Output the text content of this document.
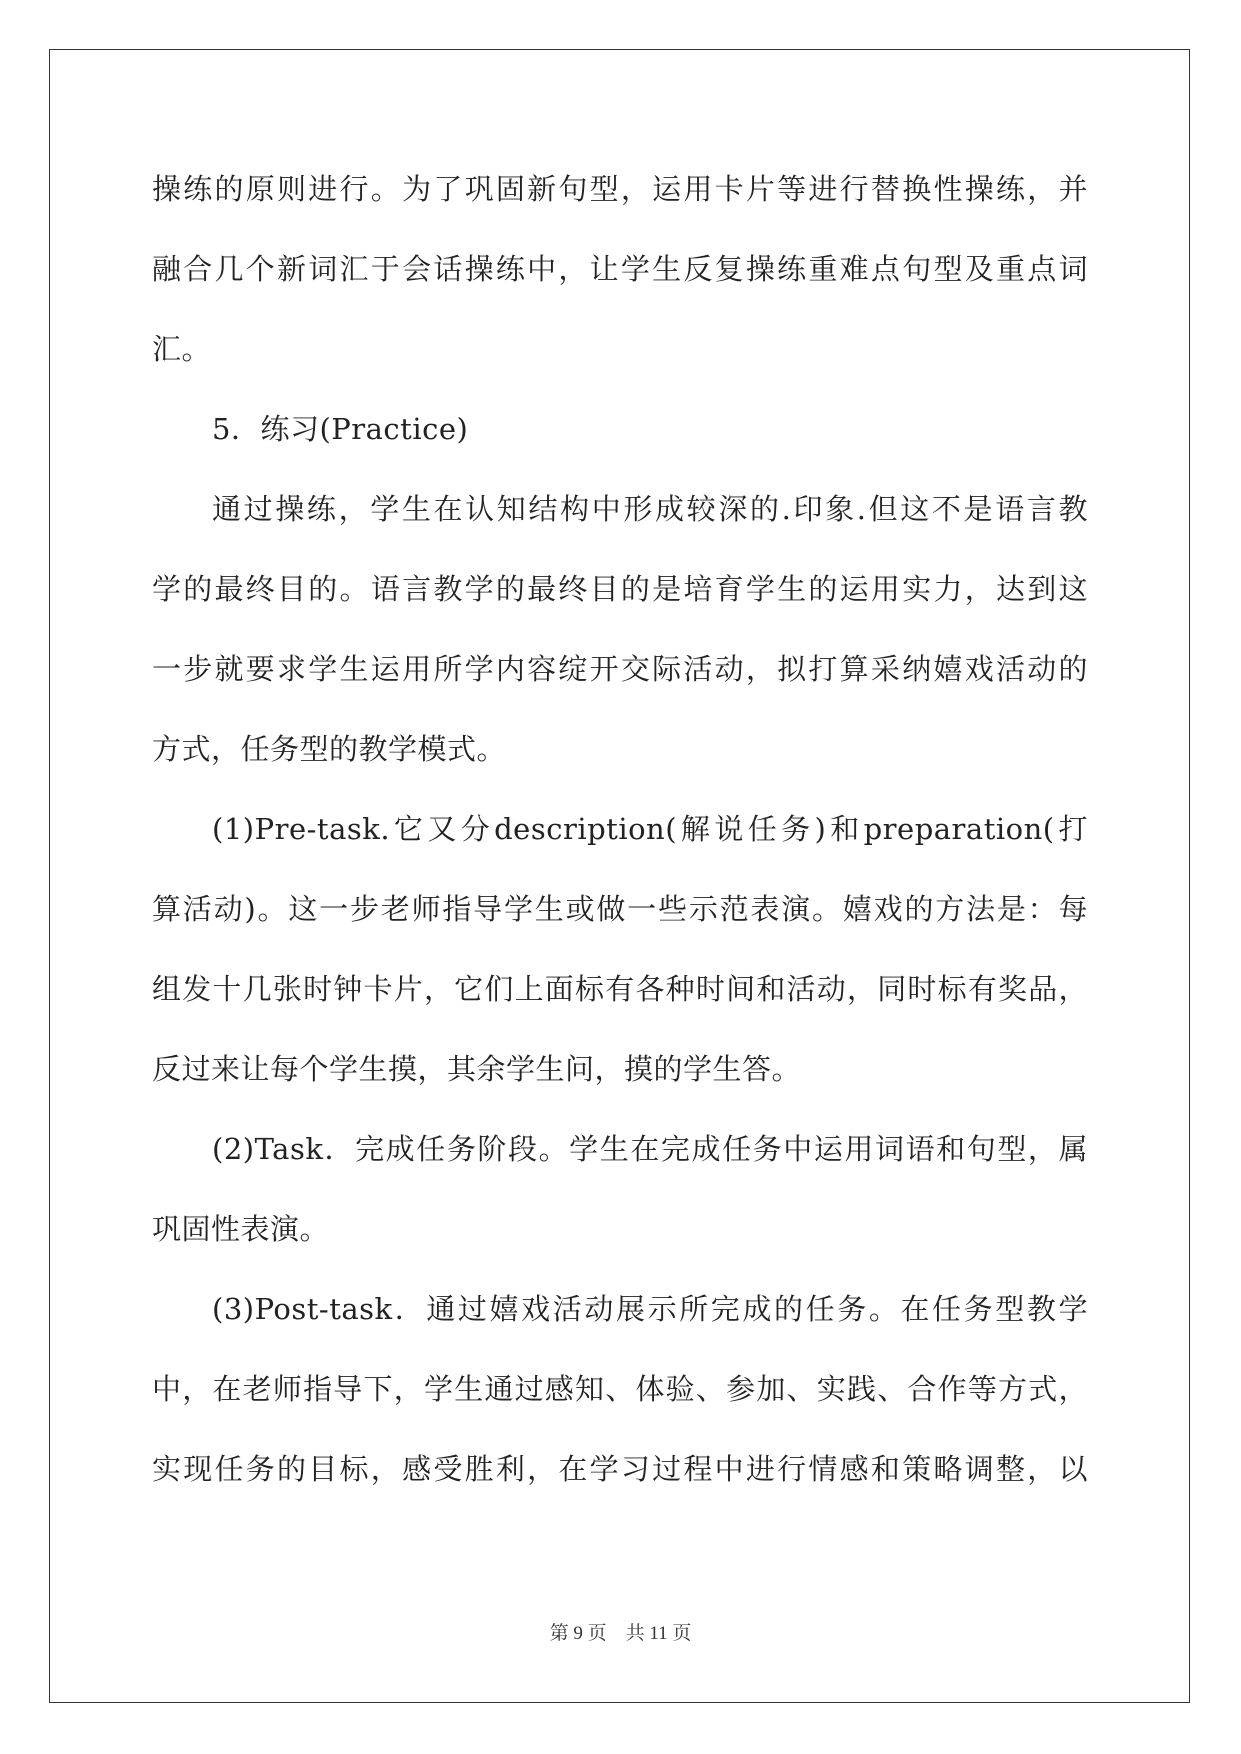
操练的原则进行。为了巩固新句型，运用卡片等进行替换性操练，并
融合几个新词汇于会话操练中，让学生反复操练重难点句型及重点词
汇。
5．练习(Practice)
通过操练，学生在认知结构中形成较深的.印象.但这不是语言教
学的最终目的。语言教学的最终目的是培育学生的运用实力，达到这
一步就要求学生运用所学内容绽开交际活动，拟打算采纳嬉戏活动的
方式，任务型的教学模式。
(1)Pre-task.它又分description(解说任务)和preparation(打
算活动)。这一步老师指导学生或做一些示范表演。嬉戏的方法是：每
组发十几张时钟卡片，它们上面标有各种时间和活动，同时标有奖品，
反过来让每个学生摸，其余学生问，摸的学生答。
(2)Task．完成任务阶段。学生在完成任务中运用词语和句型，属
巩固性表演。
(3)Post-task．通过嬉戏活动展示所完成的任务。在任务型教学
中，在老师指导下，学生通过感知、体验、参加、实践、合作等方式，
实现任务的目标，感受胜利，在学习过程中进行情感和策略调整，以
第 9 页　共 11 页
